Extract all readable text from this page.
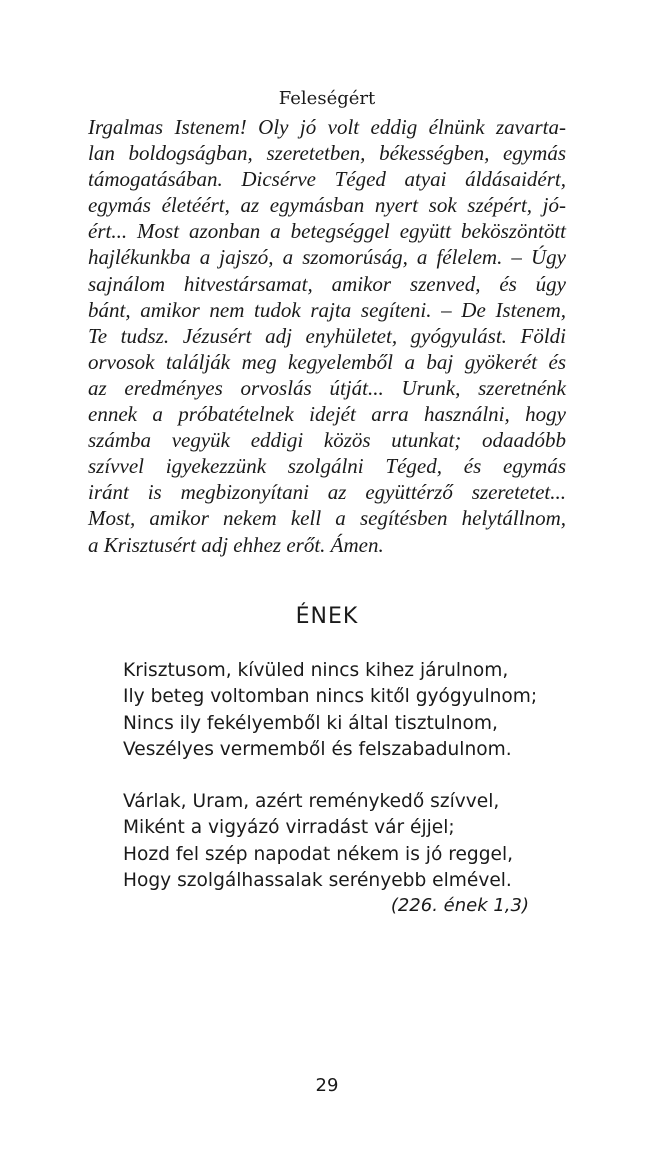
Feleségért
Irgalmas Istenem! Oly jó volt eddig élnünk zavarta-
lan boldogságban, szeretetben, békességben, egymás
támogatásában. Dicsérve Téged atyai áldásaidért,
egymás életéért, az egymásban nyert sok szépért, jó-
ért... Most azonban a betegséggel együtt beköszöntött
hajlékunkba a jajszó, a szomorúság, a félelem. – Úgy
sajnálom hitvestársamat, amikor szenved, és úgy
bánt, amikor nem tudok rajta segíteni. – De Istenem,
Te tudsz. Jézusért adj enyhületet, gyógyulást. Földi
orvosok találják meg kegyelemből a baj gyökerét és
az eredményes orvoslás útját... Urunk, szeretnénk
ennek a próbatételnek idejét arra használni, hogy
számba vegyük eddigi közös utunkat; odaadóbb
szívvel igyekezzünk szolgálni Téged, és egymás
iránt is megbizonyítani az együttérző szeretetet...
Most, amikor nekem kell a segítésben helytállnom,
a Krisztusért adj ehhez erőt. Ámen.
ÉNEK
Krisztusom, kívüled nincs kihez járulnom,
Ily beteg voltomban nincs kitől gyógyulnom;
Nincs ily fekélyemből ki által tisztulnom,
Veszélyes vermemből és felszabadulnom.
Várlak, Uram, azért reménykedő szívvel,
Miként a vigyázó virradást vár éjjel;
Hozd fel szép napodat nékem is jó reggel,
Hogy szolgálhassalak serényebb elmével.
(226. ének 1,3)
29
